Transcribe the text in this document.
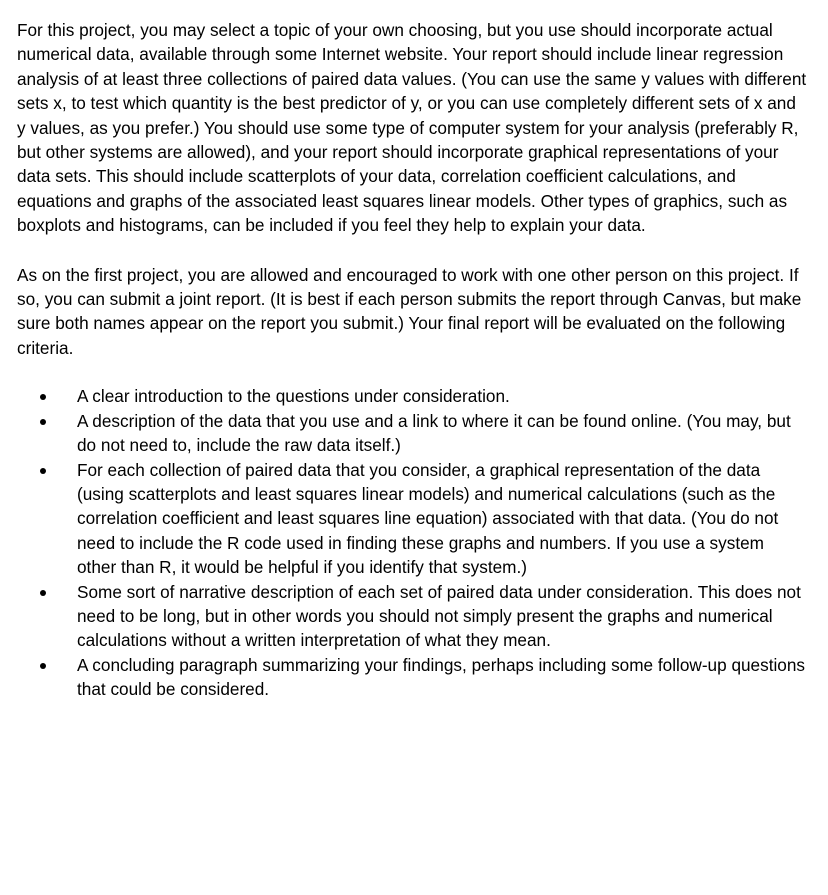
For this project, you may select a topic of your own choosing, but you use should incorporate actual numerical data, available through some Internet website. Your report should include linear regression analysis of at least three collections of paired data values. (You can use the same y values with different sets x, to test which quantity is the best predictor of y, or you can use completely different sets of x and y values, as you prefer.) You should use some type of computer system for your analysis (preferably R, but other systems are allowed), and your report should incorporate graphical representations of your data sets. This should include scatterplots of your data, correlation coefficient calculations, and equations and graphs of the associated least squares linear models. Other types of graphics, such as boxplots and histograms, can be included if you feel they help to explain your data.

As on the first project, you are allowed and encouraged to work with one other person on this project. If so, you can submit a joint report. (It is best if each person submits the report through Canvas, but make sure both names appear on the report you submit.) Your final report will be evaluated on the following criteria.

A clear introduction to the questions under consideration.
A description of the data that you use and a link to where it can be found online. (You may, but do not need to, include the raw data itself.)
For each collection of paired data that you consider, a graphical representation of the data (using scatterplots and least squares linear models) and numerical calculations (such as the correlation coefficient and least squares line equation) associated with that data. (You do not need to include the R code used in finding these graphs and numbers. If you use a system other than R, it would be helpful if you identify that system.)
Some sort of narrative description of each set of paired data under consideration. This does not need to be long, but in other words you should not simply present the graphs and numerical calculations without a written interpretation of what they mean.
A concluding paragraph summarizing your findings, perhaps including some follow-up questions that could be considered.
